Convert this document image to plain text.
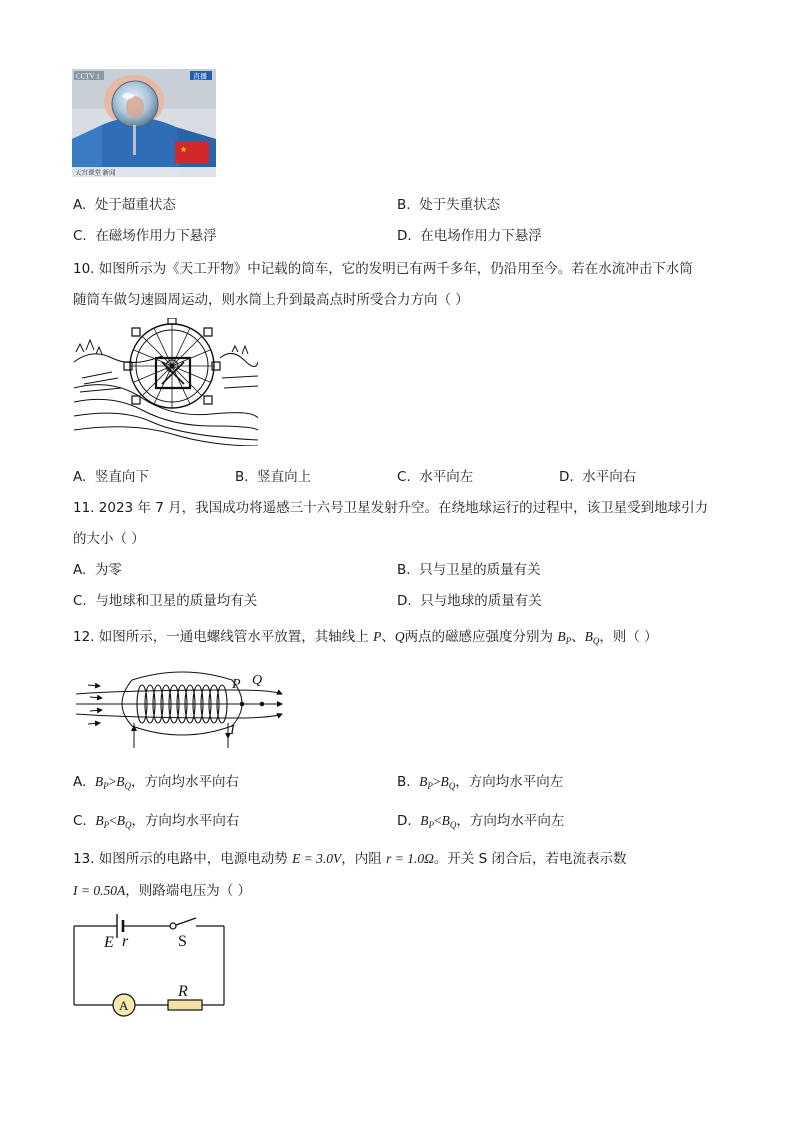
★
CCTV 1	直播
天宫课堂 新闻
A. 处于超重状态	B. 处于失重状态
C. 在磁场作用力下悬浮	D. 在电场作用力下悬浮
10. 如图所示为《天工开物》中记载的筒车，它的发明已有两千多年，仍沿用至今。若在水流冲击下水筒
随筒车做匀速圆周运动，则水筒上升到最高点时所受合力方向（ ）
A. 竖直向下	B. 竖直向上	C. 水平向左	D. 水平向右
11. 2023 年 7 月，我国成功将遥感三十六号卫星发射升空。在绕地球运行的过程中，该卫星受到地球引力
的大小（ ）
A. 为零	B. 只与卫星的质量有关
C. 与地球和卫星的质量均有关	D. 只与地球的质量有关
12. 如图所示，一通电螺线管水平放置，其轴线上 P、Q两点的磁感应强度分别为 $B_P$、$B_Q$，则（ ）
P Q
I
A. $B_P>B_Q$，方向均水平向右	B. $B_P>B_Q$，方向均水平向左
C. $B_P<B_Q$，方向均水平向右	D. $B_P<B_Q$，方向均水平向左
13. 如图所示的电路中，电源电动势 E = 3.0V，内阻 r = 1.0Ω。开关 S 闭合后，若电流表示数
I = 0.50A，则路端电压为（ ）
E r	S
A
R
